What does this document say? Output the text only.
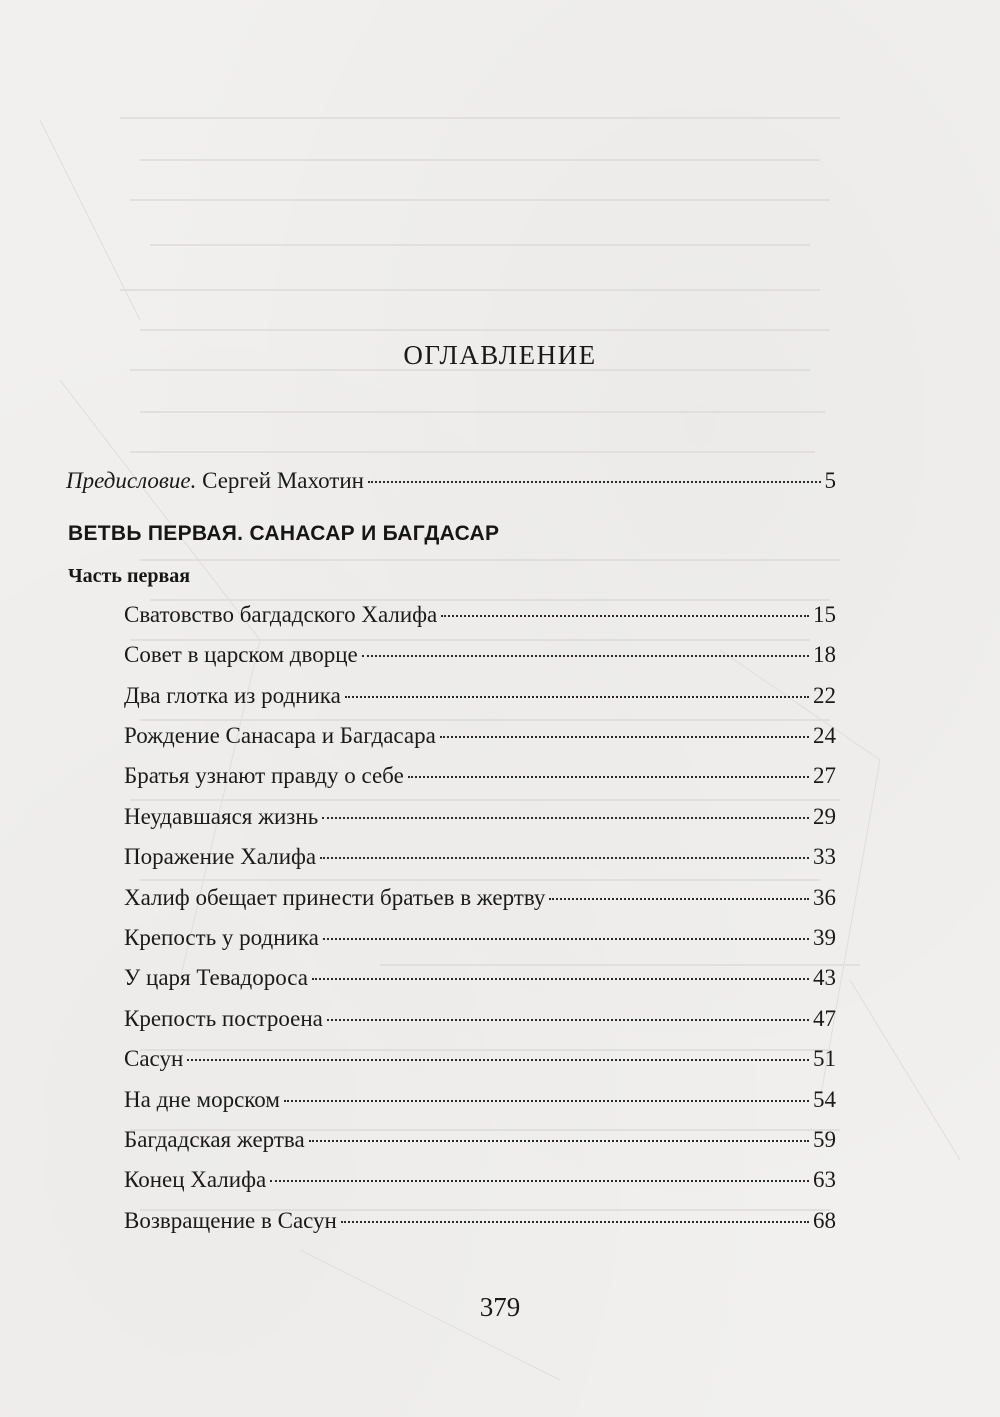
ОГЛАВЛЕНИЕ
Предисловие. Сергей Махотин	5
ВЕТВЬ ПЕРВАЯ. САНАСАР И БАГДАСАР
Часть первая
Сватовство багдадского Халифа	15
Совет в царском дворце	18
Два глотка из родника	22
Рождение Санасара и Багдасара	24
Братья узнают правду о себе	27
Неудавшаяся жизнь	29
Поражение Халифа	33
Халиф обещает принести братьев в жертву	36
Крепость у родника	39
У царя Тевадороса	43
Крепость построена	47
Сасун	51
На дне морском	54
Багдадская жертва	59
Конец Халифа	63
Возвращение в Сасун	68
379
